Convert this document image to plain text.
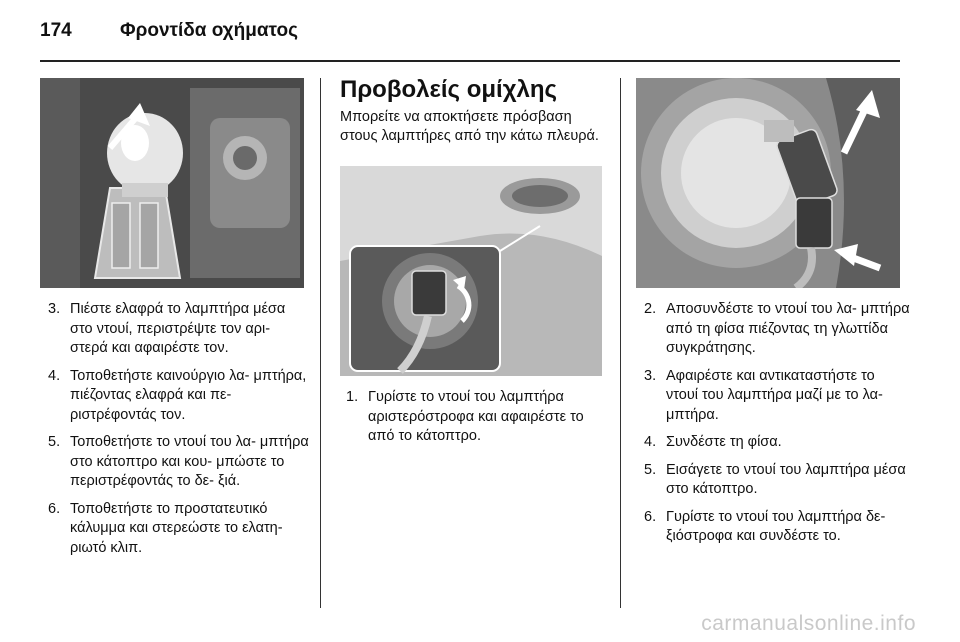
174	Φροντίδα οχήματος
3. Πιέστε ελαφρά το λαμπτήρα μέσα στο ντουί, περιστρέψτε τον αρι- στερά και αφαιρέστε τον.
4. Τοποθετήστε καινούργιο λα- μπτήρα, πιέζοντας ελαφρά και πε- ριστρέφοντάς τον.
5. Τοποθετήστε το ντουί του λα- μπτήρα στο κάτοπτρο και κου- μπώστε το περιστρέφοντάς το δε- ξιά.
6. Τοποθετήστε το προστατευτικό κάλυμμα και στερεώστε το ελατη- ριωτό κλιπ.
Προβολείς ομίχλης
Μπορείτε να αποκτήσετε πρόσβαση στους λαμπτήρες από την κάτω πλευρά.
1. Γυρίστε το ντουί του λαμπτήρα αριστερόστροφα και αφαιρέστε το από το κάτοπτρο.
2. Αποσυνδέστε το ντουί του λα- μπτήρα από τη φίσα πιέζοντας τη γλωττίδα συγκράτησης.
3. Αφαιρέστε και αντικαταστήστε το ντουί του λαμπτήρα μαζί με το λα- μπτήρα.
4. Συνδέστε τη φίσα.
5. Εισάγετε το ντουί του λαμπτήρα μέσα στο κάτοπτρο.
6. Γυρίστε το ντουί του λαμπτήρα δε- ξιόστροφα και συνδέστε το.
carmanualsonline.info
